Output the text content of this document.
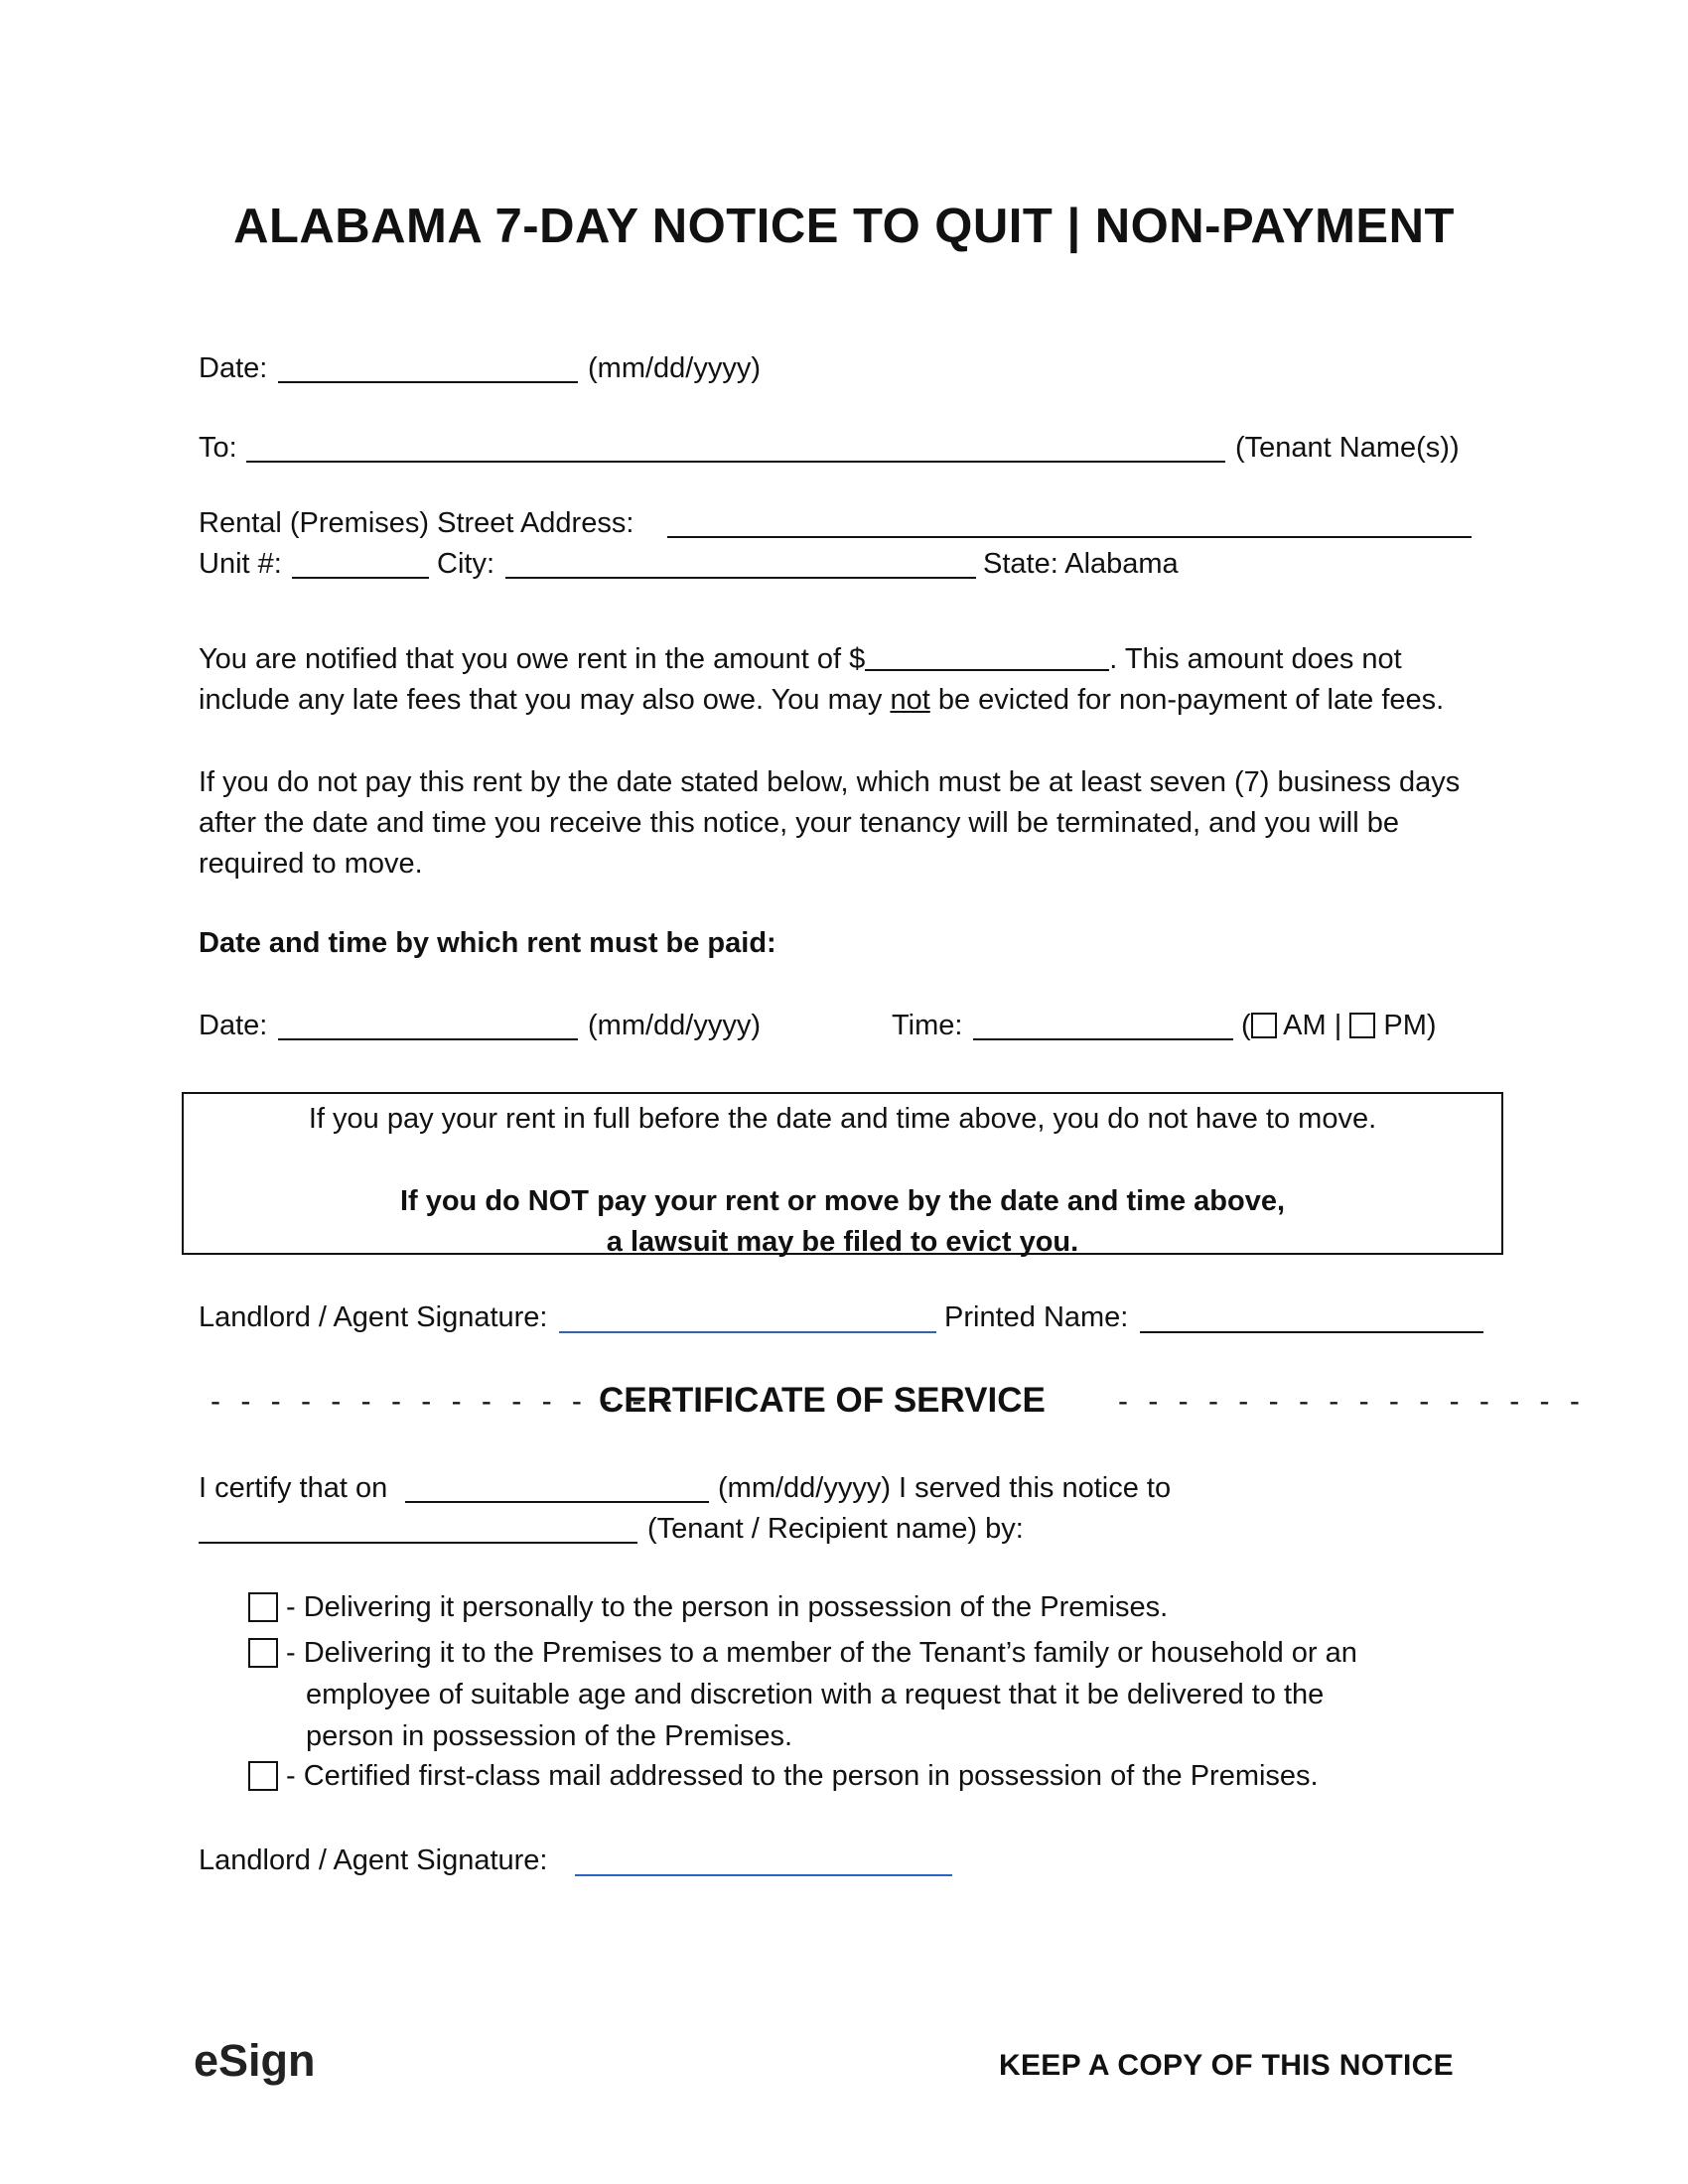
ALABAMA 7-DAY NOTICE TO QUIT | NON-PAYMENT
Date:	(mm/dd/yyyy)
To:	(Tenant Name(s))
Rental (Premises) Street Address:
Unit #:	City:	State: Alabama
You are notified that you owe rent in the amount of $	. This amount does not
include any late fees that you may also owe. You may not be evicted for non-payment of late fees.
If you do not pay this rent by the date stated below, which must be at least seven (7) business days after the date and time you receive this notice, your tenancy will be terminated, and you will be required to move.
Date and time by which rent must be paid:
Date:	(mm/dd/yyyy)	Time:	( AM |  PM)
If you pay your rent in full before the date and time above, you do not have to move.
If you do NOT pay your rent or move by the date and time above,
a lawsuit may be filed to evict you.
Landlord / Agent Signature:	Printed Name:
- - - - - - - - - - - - - - - -
CERTIFICATE OF SERVICE - - - - - - - - - - - - - - - -
I certify that on	(mm/dd/yyyy) I served this notice to
(Tenant / Recipient name) by:
- Delivering it personally to the person in possession of the Premises.
- Delivering it to the Premises to a member of the Tenant’s family or household or an
employee of suitable age and discretion with a request that it be delivered to the
person in possession of the Premises.
- Certified first-class mail addressed to the person in possession of the Premises.
Landlord / Agent Signature:
eSign	KEEP A COPY OF THIS NOTICE
